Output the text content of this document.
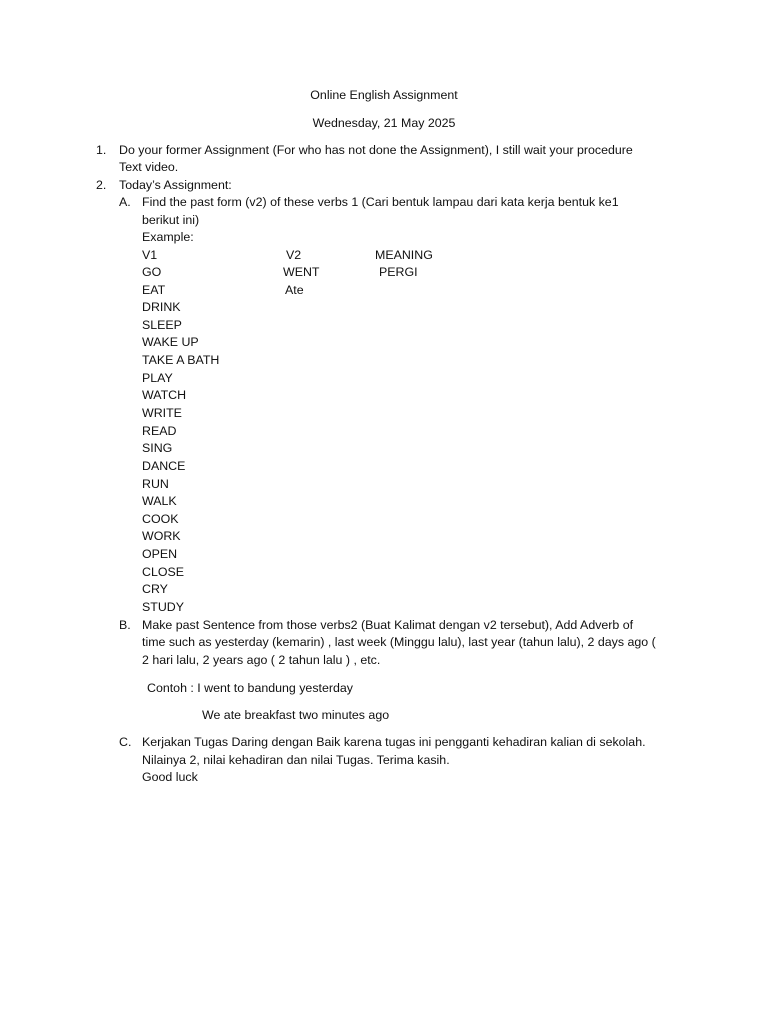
Online English Assignment
Wednesday, 21 May 2025
1. Do your former Assignment (For who has not done the Assignment), I still wait your procedure
Text video.
2. Today’s Assignment:
A. Find the past form (v2) of these verbs 1 (Cari bentuk lampau dari kata kerja bentuk ke1
berikut ini)
Example:
V1	V2	MEANING
GO	WENT	PERGI
EAT	Ate
DRINK
SLEEP
WAKE UP
TAKE A BATH
PLAY
WATCH
WRITE
READ
SING
DANCE
RUN
WALK
COOK
WORK
OPEN
CLOSE
CRY
STUDY
B. Make past Sentence from those verbs2 (Buat Kalimat dengan v2 tersebut), Add Adverb of
time such as yesterday (kemarin) , last week (Minggu lalu), last year (tahun lalu), 2 days ago (
2 hari lalu, 2 years ago ( 2 tahun lalu ) , etc.
Contoh : I went to bandung yesterday
We ate breakfast two minutes ago
C. Kerjakan Tugas Daring dengan Baik karena tugas ini pengganti kehadiran kalian di sekolah.
Nilainya 2, nilai kehadiran dan nilai Tugas. Terima kasih.
Good luck
